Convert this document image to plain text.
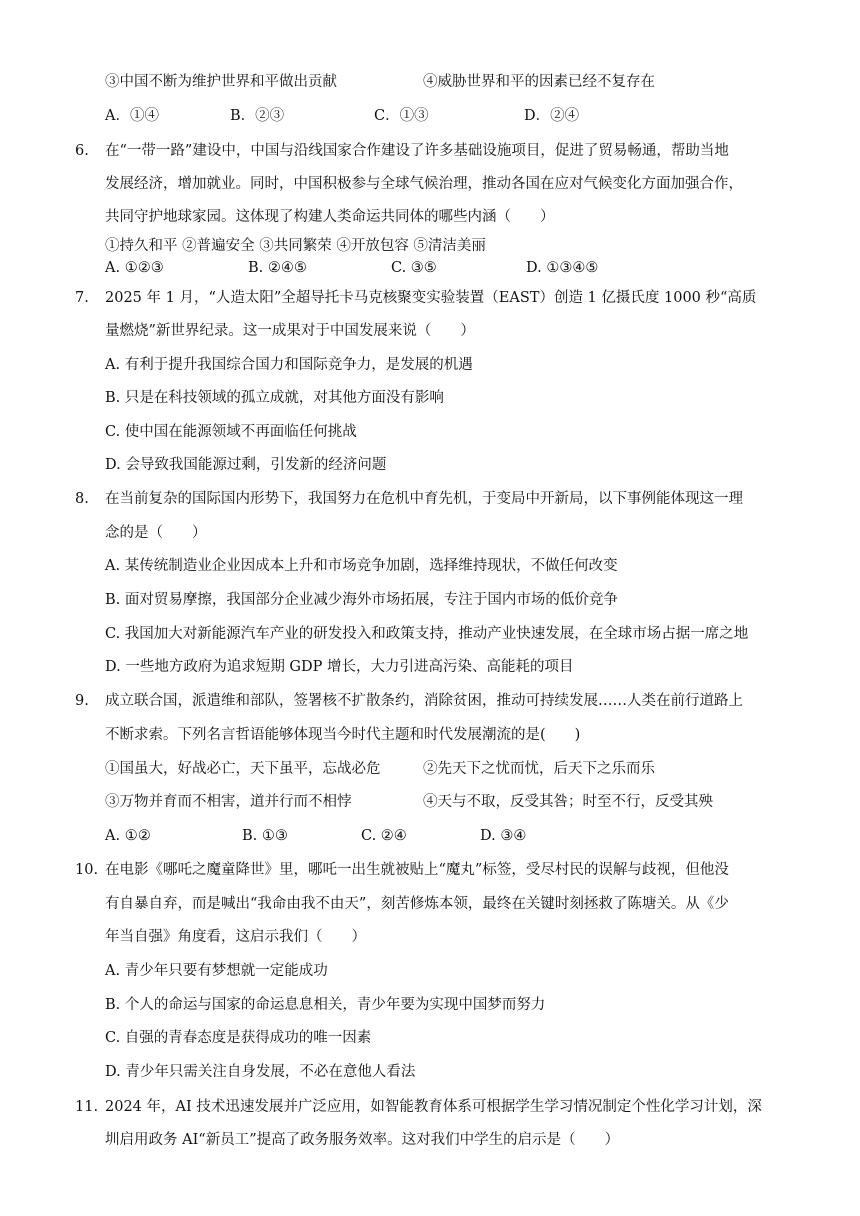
③中国不断为维护世界和平做出贡献	④威胁世界和平的因素已经不复存在
A．①④	B．②③	C．①③	D．②④
6. 在“一带一路”建设中，中国与沿线国家合作建设了许多基础设施项目，促进了贸易畅通，帮助当地
发展经济，增加就业。同时，中国积极参与全球气候治理，推动各国在应对气候变化方面加强合作，
共同守护地球家园。这体现了构建人类命运共同体的哪些内涵（　　）
①持久和平 ②普遍安全 ③共同繁荣 ④开放包容 ⑤清洁美丽
A. ①②③	B. ②④⑤	C. ③⑤	D. ①③④⑤
7. 2025 年 1 月，“人造太阳”全超导托卡马克核聚变实验装置（EAST）创造 1 亿摄氏度 1000 秒“高质
量燃烧”新世界纪录。这一成果对于中国发展来说（　　）
A. 有利于提升我国综合国力和国际竞争力，是发展的机遇
B. 只是在科技领域的孤立成就，对其他方面没有影响
C. 使中国在能源领域不再面临任何挑战
D. 会导致我国能源过剩，引发新的经济问题
8. 在当前复杂的国际国内形势下，我国努力在危机中育先机，于变局中开新局，以下事例能体现这一理
念的是（　　）
A. 某传统制造业企业因成本上升和市场竞争加剧，选择维持现状，不做任何改变
B. 面对贸易摩擦，我国部分企业减少海外市场拓展，专注于国内市场的低价竞争
C. 我国加大对新能源汽车产业的研发投入和政策支持，推动产业快速发展，在全球市场占据一席之地
D. 一些地方政府为追求短期 GDP 增长，大力引进高污染、高能耗的项目
9. 成立联合国，派遣维和部队，签署核不扩散条约，消除贫困，推动可持续发展……人类在前行道路上
不断求索。下列名言哲语能够体现当今时代主题和时代发展潮流的是(　　)
①国虽大，好战必亡，天下虽平，忘战必危	②先天下之忧而忧，后天下之乐而乐
③万物并育而不相害，道并行而不相悖	④天与不取，反受其咎；时至不行，反受其殃
A. ①②	B. ①③	C. ②④	D. ③④
10. 在电影《哪吒之魔童降世》里，哪吒一出生就被贴上“魔丸”标签，受尽村民的误解与歧视，但他没
有自暴自弃，而是喊出“我命由我不由天”，刻苦修炼本领，最终在关键时刻拯救了陈塘关。从《少
年当自强》角度看，这启示我们（　　）
A. 青少年只要有梦想就一定能成功
B. 个人的命运与国家的命运息息相关，青少年要为实现中国梦而努力
C. 自强的青春态度是获得成功的唯一因素
D. 青少年只需关注自身发展，不必在意他人看法
11. 2024 年，AI 技术迅速发展并广泛应用，如智能教育体系可根据学生学习情况制定个性化学习计划，深
圳启用政务 AI“新员工”提高了政务服务效率。这对我们中学生的启示是（　　）
